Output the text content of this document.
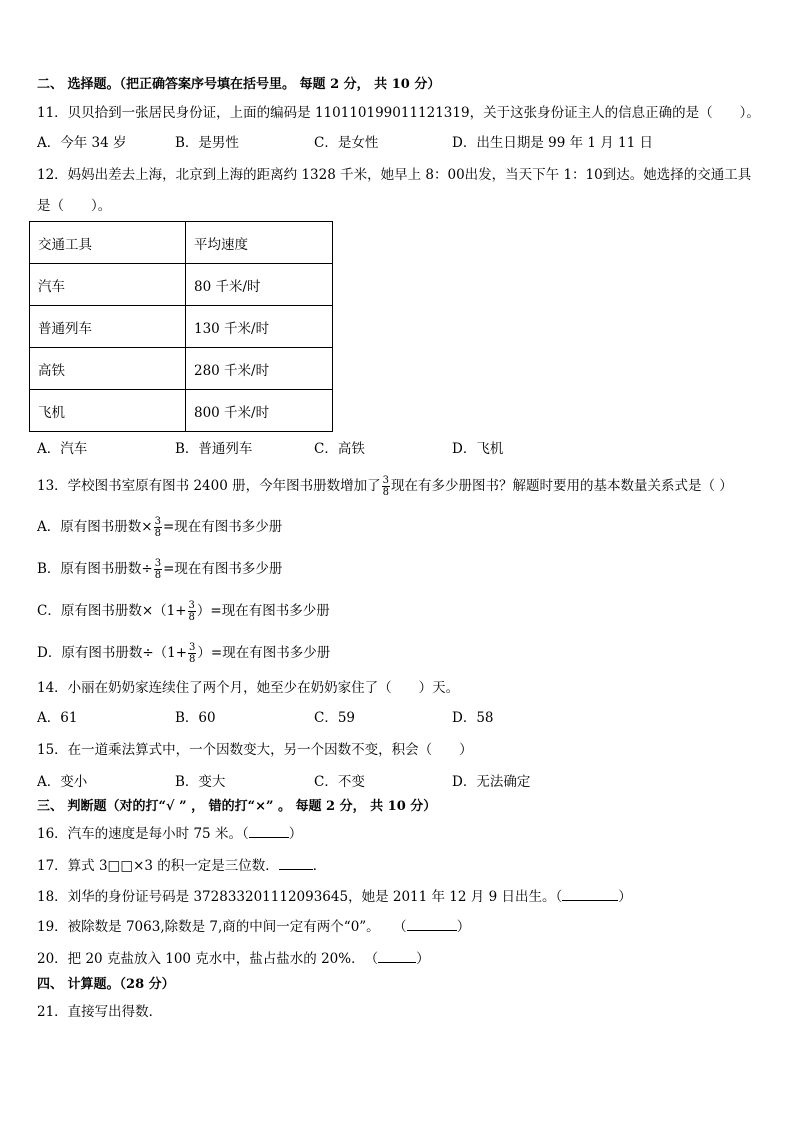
二、 选择题。（把正确答案序号填在括号里。 每题 2 分， 共 10 分）
11．贝贝拾到一张居民身份证，上面的编码是 110110199011121319，关于这张身份证主人的信息正确的是（　　）。
A．今年 34 岁	B．是男性	C．是女性	D．出生日期是 99 年 1 月 11 日
12．妈妈出差去上海，北京到上海的距离约 1328 千米，她早上 8：00出发，当天下午 1：10到达。她选择的交通工具
是（　　）。
交通工具	平均速度
汽车	80 千米/时
普通列车	130 千米/时
高铁	280 千米/时
飞机	800 千米/时
A．汽车	B．普通列车	C．高铁	D．飞机
13．学校图书室原有图书 2400 册，今年图书册数增加了 $\frac{3}{8}$ 现在有多少册图书？解题时要用的基本数量关系式是（ ）
A．原有图书册数× $\frac{3}{8}$ =现在有图书多少册
B．原有图书册数÷ $\frac{3}{8}$ =现在有图书多少册
C．原有图书册数$\times(1+ \frac{3}{8}$ ）=现在有图书多少册
D．原有图书册数$\div(1+ \frac{3}{8}$ ）=现在有图书多少册
14．小丽在奶奶家连续住了两个月，她至少在奶奶家住了（　　）天。
A．61	B．60	C．59	D．58
15．在一道乘法算式中，一个因数变大，另一个因数不变，积会（　　）
A．变小	B．变大	C．不变	D．无法确定
三、 判断题（对的打“√ ” ， 错的打“×” 。 每题 2 分， 共 10 分）
16．汽车的速度是每小时 75 米。（	）
17．算式 3□□×3 的积一定是三位数．	．
18．刘华的身份证号码是 372833201112093645，她是 2011 年 12 月 9 日出生。（	）
19．被除数是 7063,除数是 7,商的中间一定有两个“0”。　　（	）
20．把 20 克盐放入 100 克水中，盐占盐水的 20%．　（	）
四、 计算题。（28 分）
21．直接写出得数．
